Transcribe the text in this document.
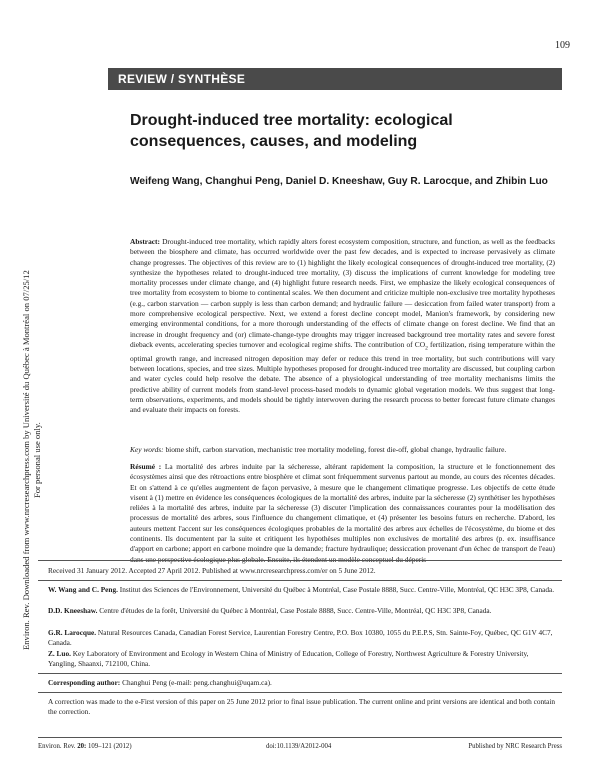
Environ. Rev. Downloaded from www.nrcresearchpress.com by Université du Québec à Montréal on 07/25/12 For personal use only.
109
REVIEW / SYNTHÈSE
Drought-induced tree mortality: ecological consequences, causes, and modeling
Weifeng Wang, Changhui Peng, Daniel D. Kneeshaw, Guy R. Larocque, and Zhibin Luo
Abstract: Drought-induced tree mortality, which rapidly alters forest ecosystem composition, structure, and function, as well as the feedbacks between the biosphere and climate, has occurred worldwide over the past few decades, and is expected to increase pervasively as climate change progresses. The objectives of this review are to (1) highlight the likely ecological consequences of drought-induced tree mortality, (2) synthesize the hypotheses related to drought-induced tree mortality, (3) discuss the implications of current knowledge for modeling tree mortality processes under climate change, and (4) highlight future research needs. First, we emphasize the likely ecological consequences of tree mortality from ecosystem to biome to continental scales. We then document and criticize multiple non-exclusive tree mortality hypotheses (e.g., carbon starvation — carbon supply is less than carbon demand; and hydraulic failure — desiccation from failed water transport) from a more comprehensive ecological perspective. Next, we extend a forest decline concept model, Manion's framework, by considering new emerging environmental conditions, for a more thorough understanding of the effects of climate change on forest decline. We find that an increase in drought frequency and (or) climate-change-type droughts may trigger increased background tree mortality rates and severe forest dieback events, accelerating species turnover and ecological regime shifts. The contribution of $CO_2$ fertilization, rising temperature within the optimal growth range, and increased nitrogen deposition may defer or reduce this trend in tree mortality, but such contributions will vary between locations, species, and tree sizes. Multiple hypotheses proposed for drought-induced tree mortality are discussed, but coupling carbon and water cycles could help resolve the debate. The absence of a physiological understanding of tree mortality mechanisms limits the predictive ability of current models from stand-level process-based models to dynamic global vegetation models. We thus suggest that long-term observations, experiments, and models should be tightly interwoven during the research process to better forecast future climate changes and evaluate their impacts on forests.
Key words: biome shift, carbon starvation, mechanistic tree mortality modeling, forest die-off, global change, hydraulic failure.
Résumé : La mortalité des arbres induite par la sécheresse, altérant rapidement la composition, la structure et le fonctionnement des écosystèmes ainsi que des rétroactions entre biosphère et climat sont fréquemment survenus partout au monde, au cours des récentes décades. Et on s'attend à ce qu'elles augmentent de façon pervasive, à mesure que le changement climatique progresse. Les objectifs de cette étude visent à (1) mettre en évidence les conséquences écologiques de la mortalité des arbres, induite par la sécheresse (2) synthétiser les hypothèses reliées à la mortalité des arbres, induite par la sécheresse (3) discuter l'implication des connaissances courantes pour la modélisation des processus de mortalité des arbres, sous l'influence du changement climatique, et (4) présenter les besoins futurs en recherche. D'abord, les auteurs mettent l'accent sur les conséquences écologiques probables de la mortalité des arbres aux échelles de l'écosystème, du biome et des continents. Ils documentent par la suite et critiquent les hypothèses multiples non exclusives de mortalité des arbres (p. ex. insuffisance d'apport en carbone; apport en carbone moindre que la demande; fracture hydraulique; dessiccation provenant d'un échec de transport de l'eau) dans une perspective écologique plus globale. Ensuite, ils étendent un modèle conceptuel du déperis-
Received 31 January 2012. Accepted 27 April 2012. Published at www.nrcresearchpress.com/er on 5 June 2012.
W. Wang and C. Peng. Institut des Sciences de l'Environnement, Université du Québec à Montréal, Case Postale 8888, Succ. Centre-Ville, Montréal, QC H3C 3P8, Canada.
D.D. Kneeshaw. Centre d'études de la forêt, Université du Québec à Montréal, Case Postale 8888, Succ. Centre-Ville, Montréal, QC H3C 3P8, Canada.
G.R. Larocque. Natural Resources Canada, Canadian Forest Service, Laurentian Forestry Centre, P.O. Box 10380, 1055 du P.E.P.S, Stn. Sainte-Foy, Québec, QC G1V 4C7, Canada.
Z. Luo. Key Laboratory of Environment and Ecology in Western China of Ministry of Education, College of Forestry, Northwest Agriculture & Forestry University, Yangling, Shaanxi, 712100, China.
Corresponding author: Changhui Peng (e-mail: peng.changhui@uqam.ca).
A correction was made to the e-First version of this paper on 25 June 2012 prior to final issue publication. The current online and print versions are identical and both contain the correction.
Environ. Rev. 20: 109–121 (2012)	doi:10.1139/A2012-004	Published by NRC Research Press
